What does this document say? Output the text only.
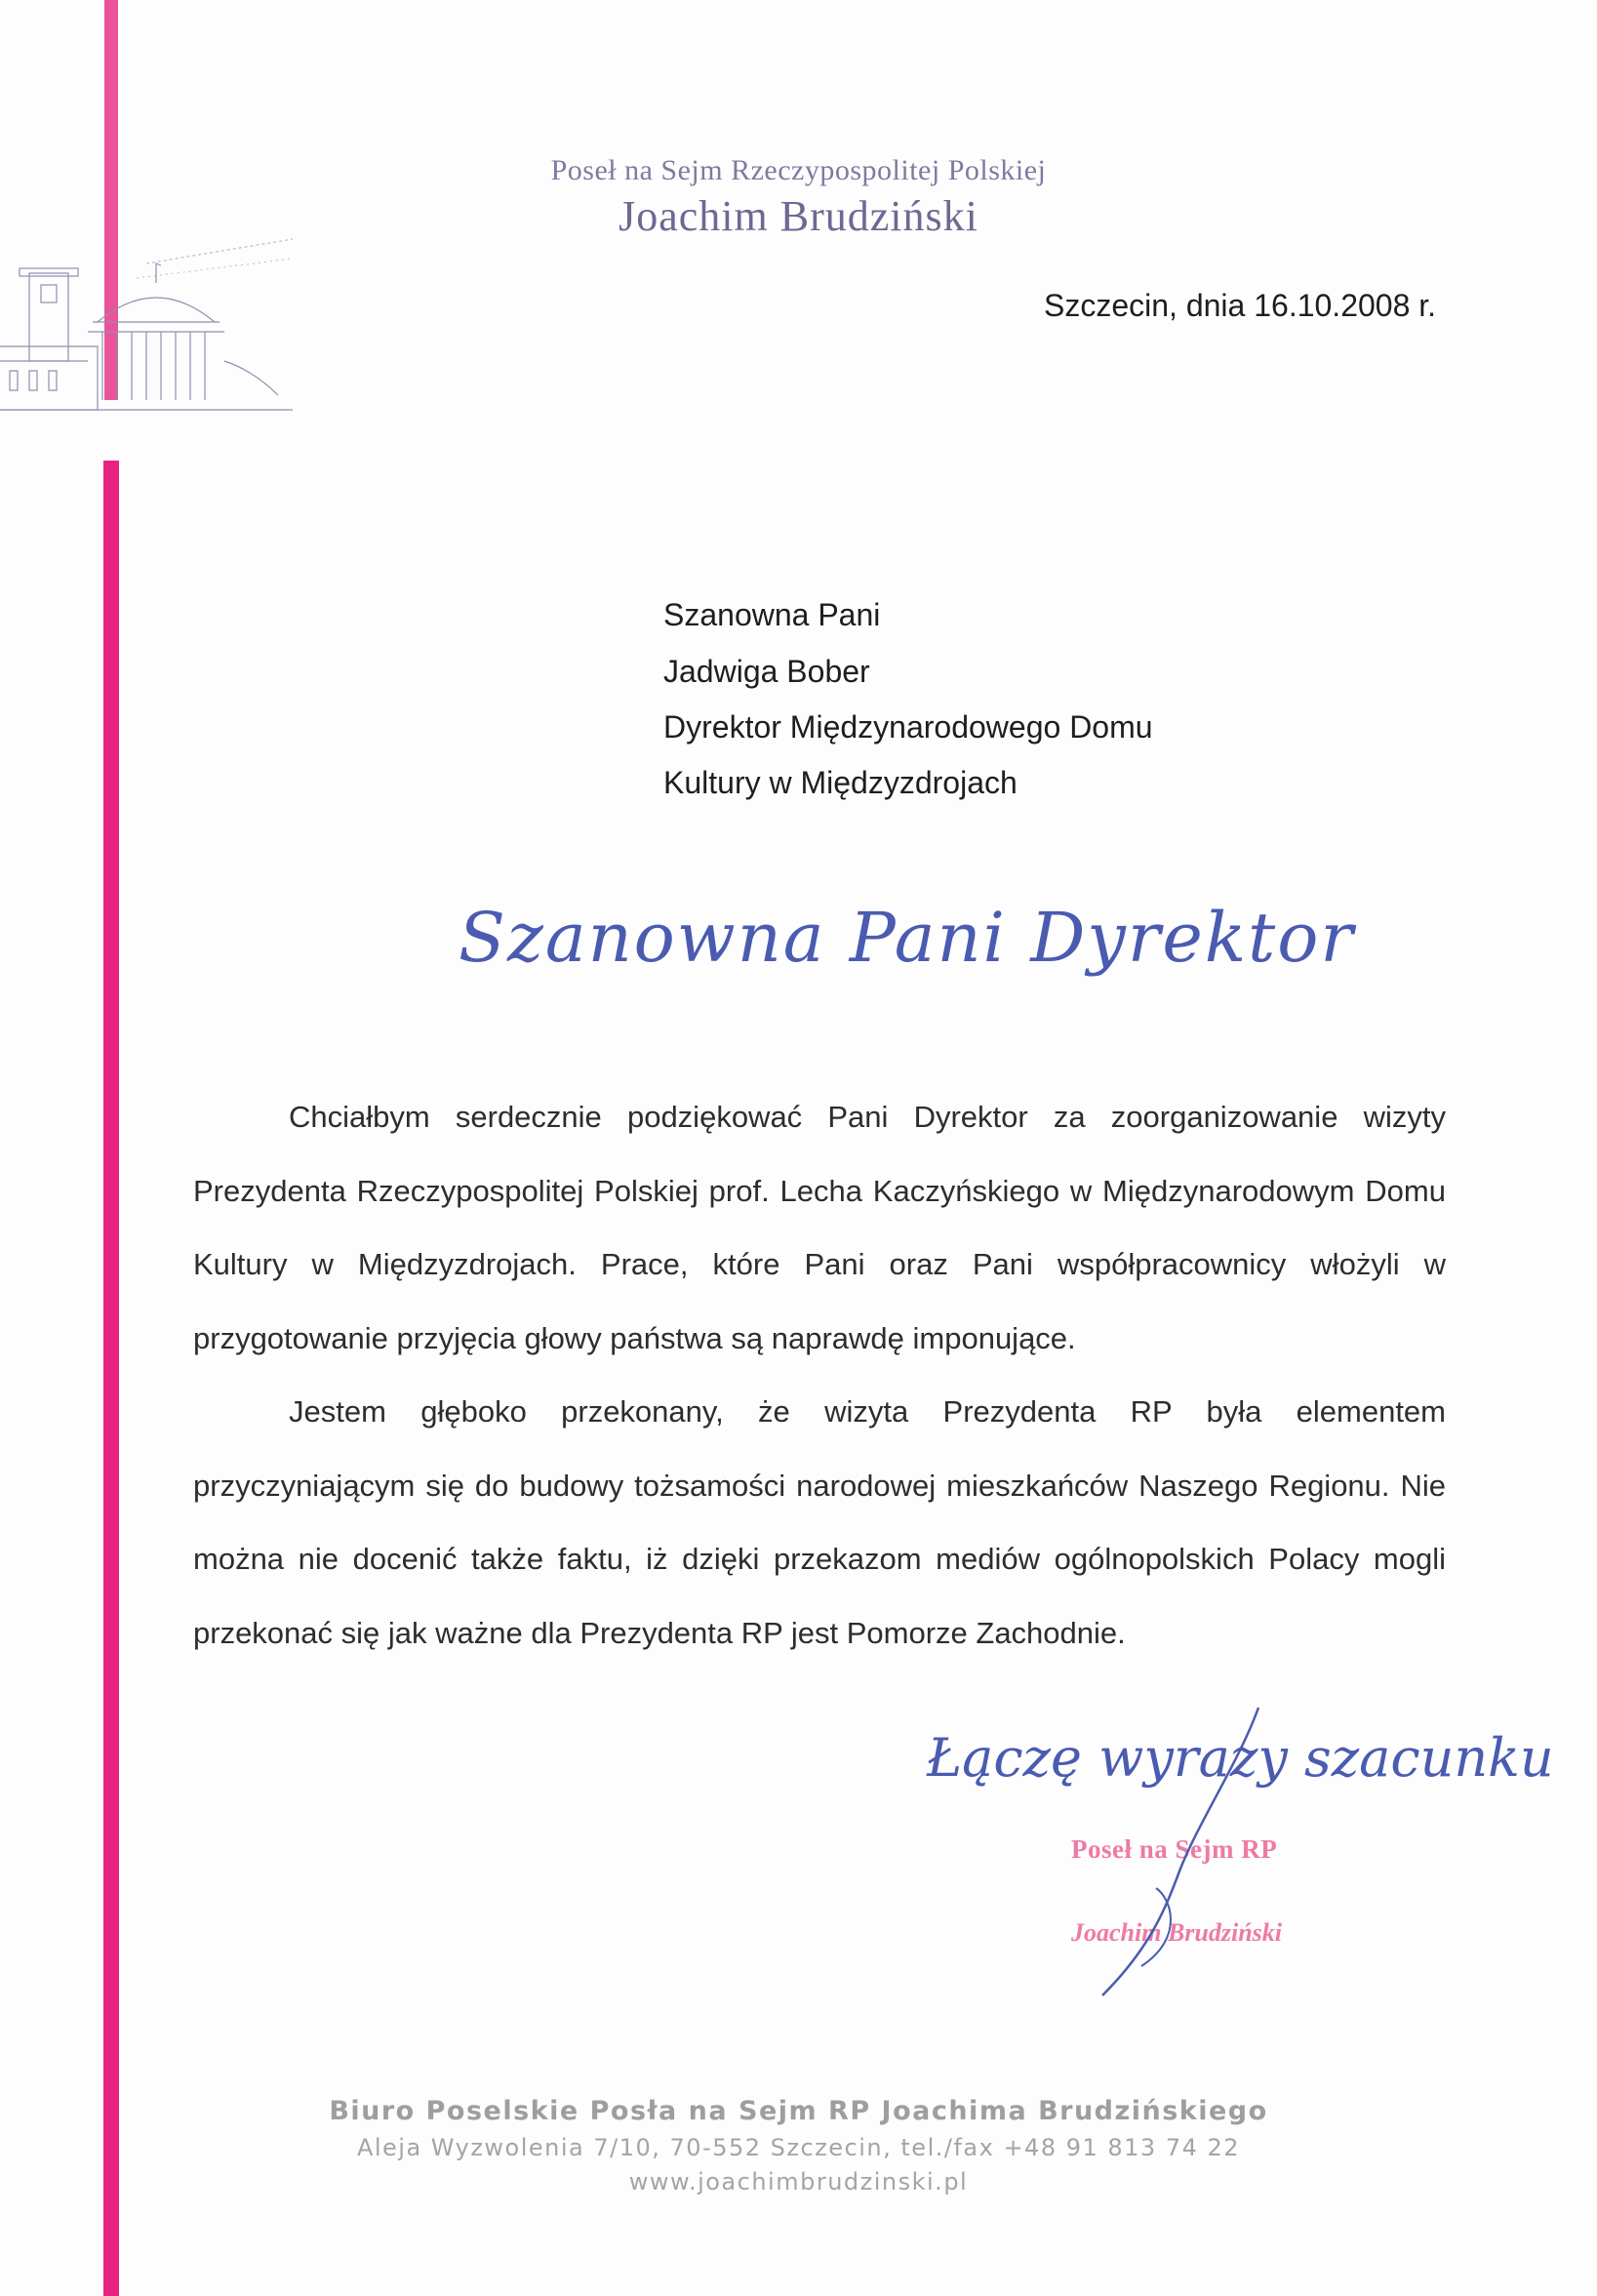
Poseł na Sejm Rzeczypospolitej Polskiej
Joachim Brudziński
Szczecin, dnia 16.10.2008 r.
Szanowna Pani
Jadwiga Bober
Dyrektor Międzynarodowego Domu
Kultury w Międzyzdrojach
Szanowna Pani Dyrektor

Chciałbym serdecznie podziękować Pani Dyrektor za zoorganizowanie wizyty Prezydenta Rzeczypospolitej Polskiej prof. Lecha Kaczyńskiego w Międzynarodowym Domu Kultury w Międzyzdrojach. Prace, które Pani oraz Pani współpracownicy włożyli w przygotowanie przyjęcia głowy państwa są naprawdę imponujące.

Jestem głęboko przekonany, że wizyta Prezydenta RP była elementem przyczyniającym się do budowy tożsamości narodowej mieszkańców Naszego Regionu. Nie można nie docenić także faktu, iż dzięki przekazom mediów ogólnopolskich Polacy mogli przekonać się jak ważne dla Prezydenta RP jest Pomorze Zachodnie.

Łączę wyrazy szacunku
Poseł na Sejm RP
Joachim Brudziński
Biuro Poselskie Posła na Sejm RP Joachima Brudzińskiego
Aleja Wyzwolenia 7/10, 70-552 Szczecin, tel./fax +48 91 813 74 22
www.joachimbrudzinski.pl
